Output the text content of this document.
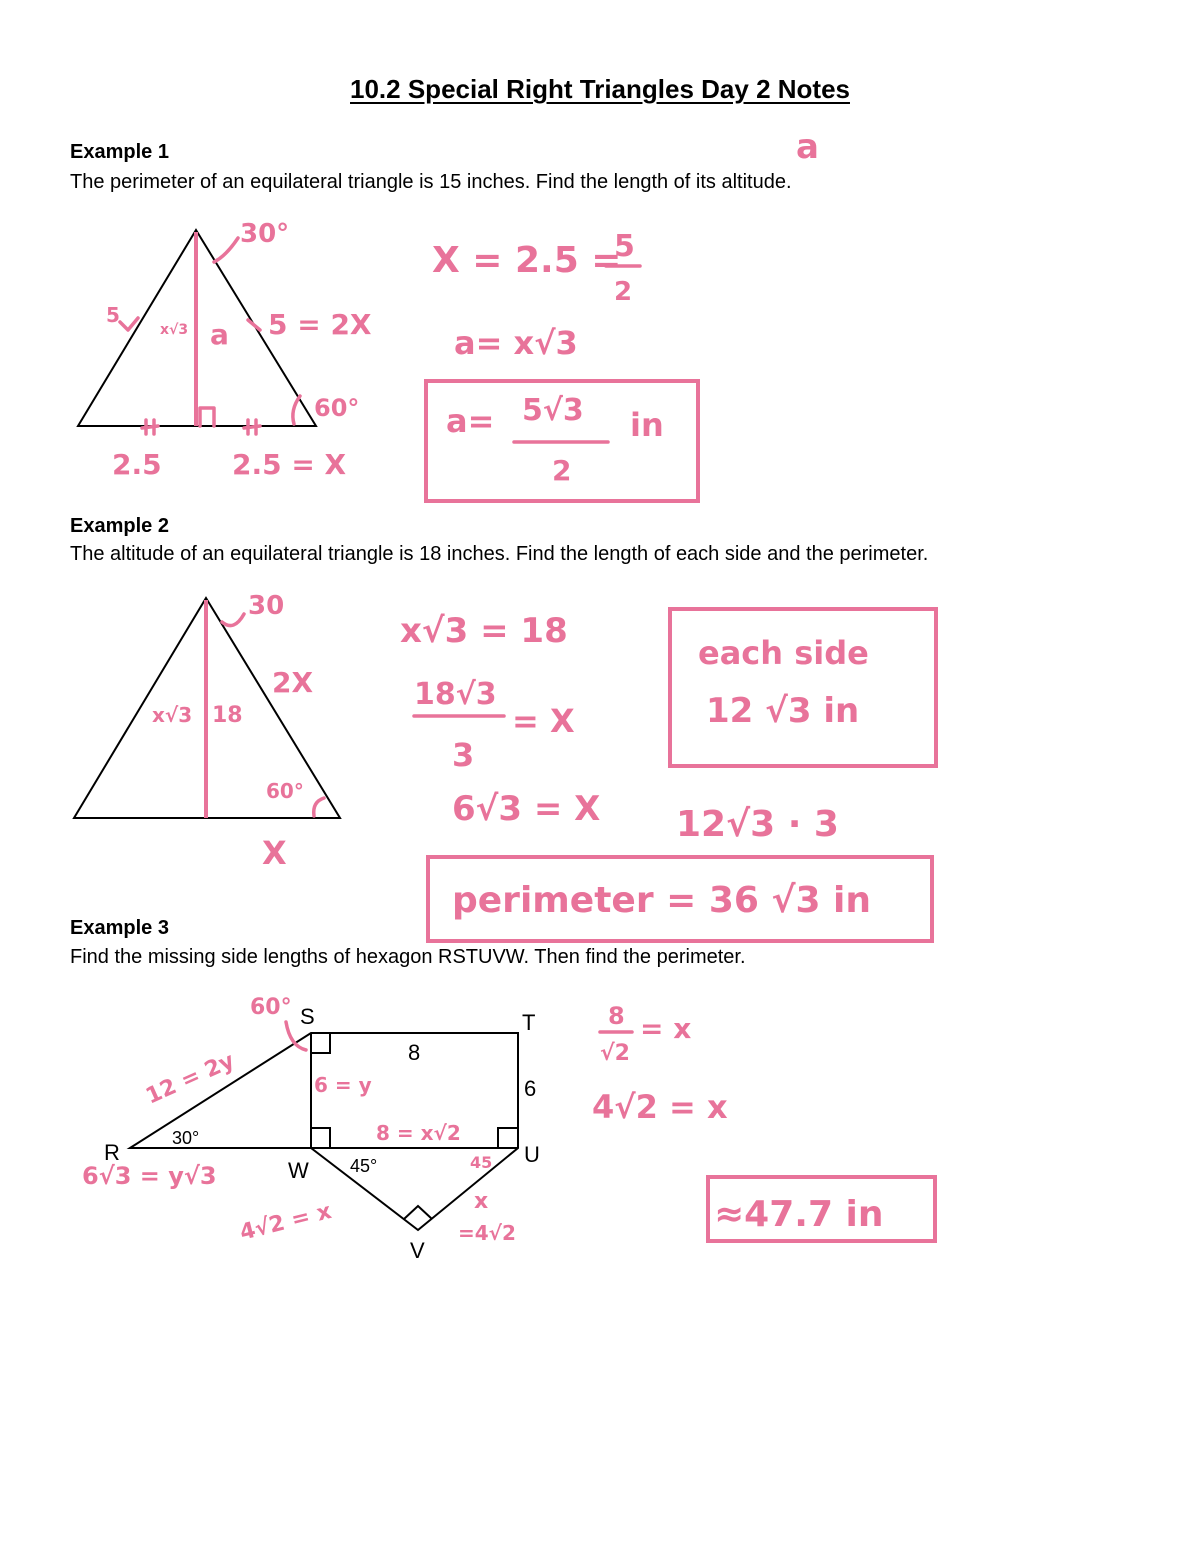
10.2 Special Right Triangles Day 2 Notes
Example 1
The perimeter of an equilateral triangle is 15 inches. Find the length of its altitude.
Example 2
The altitude of an equilateral triangle is 18 inches. Find the length of each side and the perimeter.
Example 3
Find the missing side lengths of hexagon RSTUVW. Then find the perimeter.
a
30°
5
x√3 a 5 = 2X
60°
2.5	2.5 = X
X = 2.5 =
5
2
a= x√3
a= 5√3
2
in
30
2X
x√3 18
60°
X
x√3 = 18
18√3
3
= X
6√3 = X
each side
12 √3 in
12√3 · 3
perimeter = 36 √3 in
R
S	T
U
V
W
8
6
30°
45°
60°
12 = 2y	6 = y
8 = x√2
45
6√3 = y√3
4√2 = x	x
=4√2
8
√2
= x
4√2 = x
≈47.7 in
